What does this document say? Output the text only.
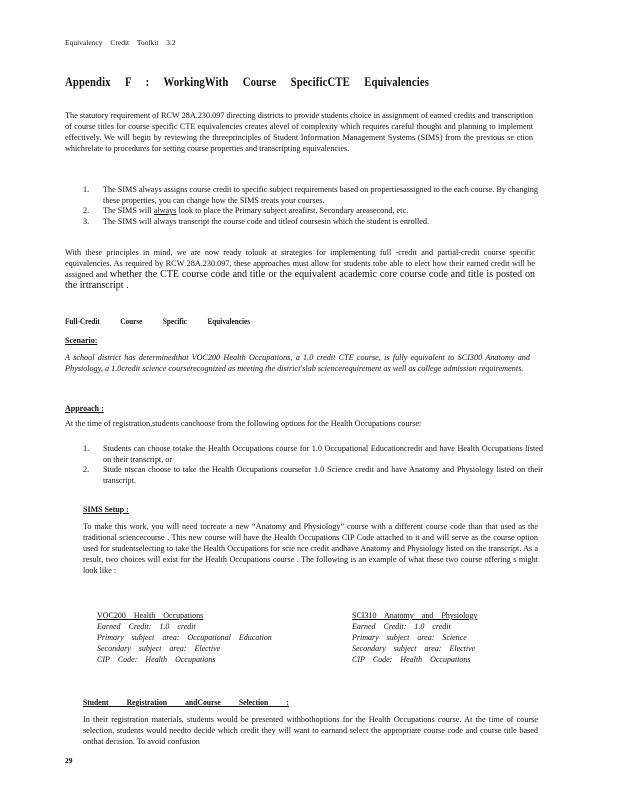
Equivalency Credit Toolkit 3.2
Appendix F : WorkingWith Course SpecificCTE Equivalencies
The statutory requirement of RCW 28A.230.097 directing districts to provide students choice in assignment of earned credits and transcription of course titles for course specific CTE equivalencies creates alevel of complexity which requires careful thought and planning to implement effectively. We will begin by reviewing the threeprinciples of Student Information Management Systems (SIMS) from the previous se ction whichrelate to procedures for setting course properties and transcripting equivalencies.
1. The SIMS always assigns course credit to specific subject requirements based on propertiesassigned to the each course. By changing these properties, you can change how the SIMS treats your courses.
2. The SIMS will always look to place the Primary subject areafirst, Secondary areasecond, etc.
3. The SIMS will always transcript the course code and titleof coursesin which the student is enrolled.
With these principles in mind, we are now ready tolook at strategies for implementing full -credit and partial-credit course specific equivalencies. As required by RCW 28A.230.097, these approaches must allow for students tobe able to elect how their earned credit will be assigned and whether the CTE course code and title or the equivalent academic core course code and title is posted on the irtranscript .
Full-Credit Course Specific Equivalencies
Scenario:
A school district has determinedthat VOC200 Health Occupations, a 1.0 credit CTE course, is fully equivalent to SCI300 Anatomy and Physiology, a 1.0credit science courserecognized as meeting the district'slab sciencerequirement as well as college admission requirements.
Approach :
At the time of registration,students canchoose from the following options for the Health Occupations course:
1. Students can choose totake the Health Occupations course for 1.0 Occupational Educationcredit and have Health Occupations listed on their transcript, or
2. Stude ntscan choose to take the Health Occupations coursefor 1.0 Science credit and have Anatomy and Physiology listed on their transcript.
SIMS Setup :
To make this work, you will need tocreate a new “Anatomy and Physiology” course with a different course code than that used as the traditional sciencecourse . This new course will have the Health Occupations CIP Code attached to it and will serve as the course option used for studentselecting to take the Health Occupations for scie nce credit andhave Anatomy and Physiology listed on the transcript. As a result, two choices will exist for the Health Occupations course . The following is an example of what these two course offering s might look like :
VOC200 Health Occupations
Earned Credit: 1.0 credit
Primary subject area: Occupational Education
Secondary subject area: Elective
CIP Code: Health Occupations
SCI310 Anatomy and Physiology
Earned Credit: 1.0 credit
Primary subject area: Science
Secondary subject area: Elective
CIP Code: Health Occupations
Student Registration andCourse Selection :
In their registration materials, students would be presented withbothoptions for the Health Occupations course. At the time of course selection, students would needto decide which credit they will want to earnand select the appropriate course code and course title based onthat decision. To avoid confusion
29
